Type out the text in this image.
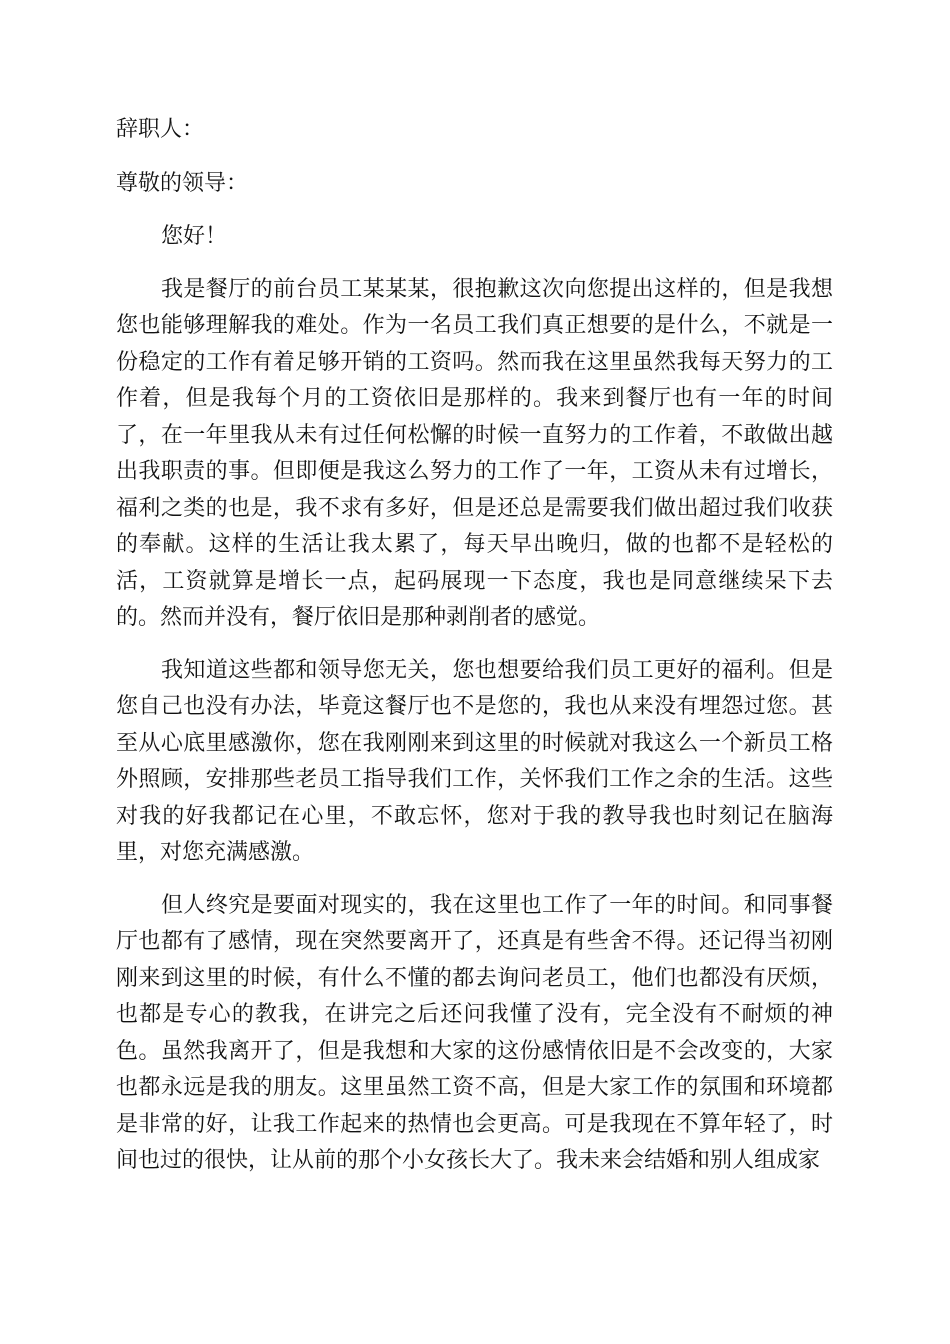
辞职人：

尊敬的领导：

您好！

我是餐厅的前台员工某某某，很抱歉这次向您提出这样的，但是我想您也能够理解我的难处。作为一名员工我们真正想要的是什么，不就是一份稳定的工作有着足够开销的工资吗。然而我在这里虽然我每天努力的工作着，但是我每个月的工资依旧是那样的。我来到餐厅也有一年的时间了，在一年里我从未有过任何松懈的时候一直努力的工作着，不敢做出越出我职责的事。但即便是我这么努力的工作了一年，工资从未有过增长，福利之类的也是，我不求有多好，但是还总是需要我们做出超过我们收获的奉献。这样的生活让我太累了，每天早出晚归，做的也都不是轻松的活，工资就算是增长一点，起码展现一下态度，我也是同意继续呆下去的。然而并没有，餐厅依旧是那种剥削者的感觉。

我知道这些都和领导您无关，您也想要给我们员工更好的福利。但是您自己也没有办法，毕竟这餐厅也不是您的，我也从来没有埋怨过您。甚至从心底里感激你，您在我刚刚来到这里的时候就对我这么一个新员工格外照顾，安排那些老员工指导我们工作，关怀我们工作之余的生活。这些对我的好我都记在心里，不敢忘怀，您对于我的教导我也时刻记在脑海里，对您充满感激。

但人终究是要面对现实的，我在这里也工作了一年的时间。和同事餐厅也都有了感情，现在突然要离开了，还真是有些舍不得。还记得当初刚刚来到这里的时候，有什么不懂的都去询问老员工，他们也都没有厌烦，也都是专心的教我，在讲完之后还问我懂了没有，完全没有不耐烦的神色。虽然我离开了，但是我想和大家的这份感情依旧是不会改变的，大家也都永远是我的朋友。这里虽然工资不高，但是大家工作的氛围和环境都是非常的好，让我工作起来的热情也会更高。可是我现在不算年轻了，时间也过的很快，让从前的那个小女孩长大了。我未来会结婚和别人组成家
